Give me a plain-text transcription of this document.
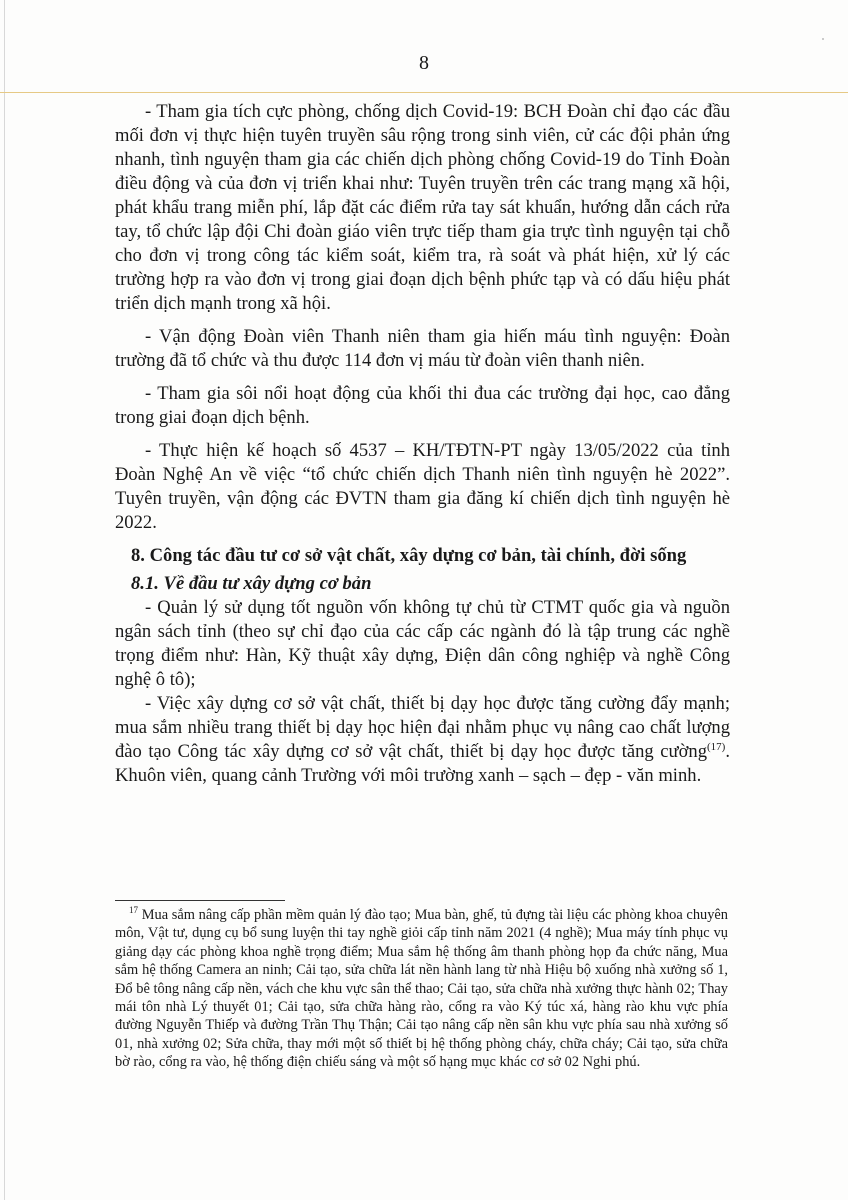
8

- Tham gia tích cực phòng, chống dịch Covid-19: BCH Đoàn chỉ đạo các đầu mối đơn vị thực hiện tuyên truyền sâu rộng trong sinh viên, cử các đội phản ứng nhanh, tình nguyện tham gia các chiến dịch phòng chống Covid-19 do Tỉnh Đoàn điều động và của đơn vị triển khai như: Tuyên truyền trên các trang mạng xã hội, phát khẩu trang miễn phí, lắp đặt các điểm rửa tay sát khuẩn, hướng dẫn cách rửa tay, tổ chức lập đội Chi đoàn giáo viên trực tiếp tham gia trực tình nguyện tại chỗ cho đơn vị trong công tác kiểm soát, kiểm tra, rà soát và phát hiện, xử lý các trường hợp ra vào đơn vị trong giai đoạn dịch bệnh phức tạp và có dấu hiệu phát triển dịch mạnh trong xã hội.

- Vận động Đoàn viên Thanh niên tham gia hiến máu tình nguyện: Đoàn trường đã tổ chức và thu được 114 đơn vị máu từ đoàn viên thanh niên.

- Tham gia sôi nổi hoạt động của khối thi đua các trường đại học, cao đẳng trong giai đoạn dịch bệnh.

- Thực hiện kế hoạch số 4537 – KH/TĐTN-PT ngày 13/05/2022 của tỉnh Đoàn Nghệ An về việc “tổ chức chiến dịch Thanh niên tình nguyện hè 2022”. Tuyên truyền, vận động các ĐVTN tham gia đăng kí chiến dịch tình nguyện hè 2022.

8. Công tác đầu tư cơ sở vật chất, xây dựng cơ bản, tài chính, đời sống
8.1. Về đầu tư xây dựng cơ bản

- Quản lý sử dụng tốt nguồn vốn không tự chủ từ CTMT quốc gia và nguồn ngân sách tỉnh (theo sự chỉ đạo của các cấp các ngành đó là tập trung các nghề trọng điểm như: Hàn, Kỹ thuật xây dựng, Điện dân công nghiệp và nghề Công nghệ ô tô);

- Việc xây dựng cơ sở vật chất, thiết bị dạy học được tăng cường đẩy mạnh; mua sắm nhiều trang thiết bị dạy học hiện đại nhằm phục vụ nâng cao chất lượng đào tạo Công tác xây dựng cơ sở vật chất, thiết bị dạy học được tăng cường$^{(17)}$. Khuôn viên, quang cảnh Trường với môi trường xanh – sạch – đẹp - văn minh.

$^{17}$ Mua sắm nâng cấp phần mềm quản lý đào tạo; Mua bàn, ghế, tủ đựng tài liệu các phòng khoa chuyên môn, Vật tư, dụng cụ bổ sung luyện thi tay nghề giỏi cấp tỉnh năm 2021 (4 nghề); Mua máy tính phục vụ giảng dạy các phòng khoa nghề trọng điểm; Mua sắm hệ thống âm thanh phòng họp đa chức năng, Mua sắm hệ thống Camera an ninh; Cải tạo, sửa chữa lát nền hành lang từ nhà Hiệu bộ xuống nhà xưởng số 1, Đổ bê tông nâng cấp nền, vách che khu vực sân thể thao; Cải tạo, sửa chữa nhà xưởng thực hành 02; Thay mái tôn nhà Lý thuyết 01; Cải tạo, sửa chữa hàng rào, cổng ra vào Ký túc xá, hàng rào khu vực phía đường Nguyễn Thiếp và đường Trần Thụ Thận; Cải tạo nâng cấp nền sân khu vực phía sau nhà xưởng số 01, nhà xưởng 02; Sửa chữa, thay mới một số thiết bị hệ thống phòng cháy, chữa cháy; Cải tạo, sửa chữa bờ rào, cổng ra vào, hệ thống điện chiếu sáng và một số hạng mục khác cơ sở 02 Nghi phú.
